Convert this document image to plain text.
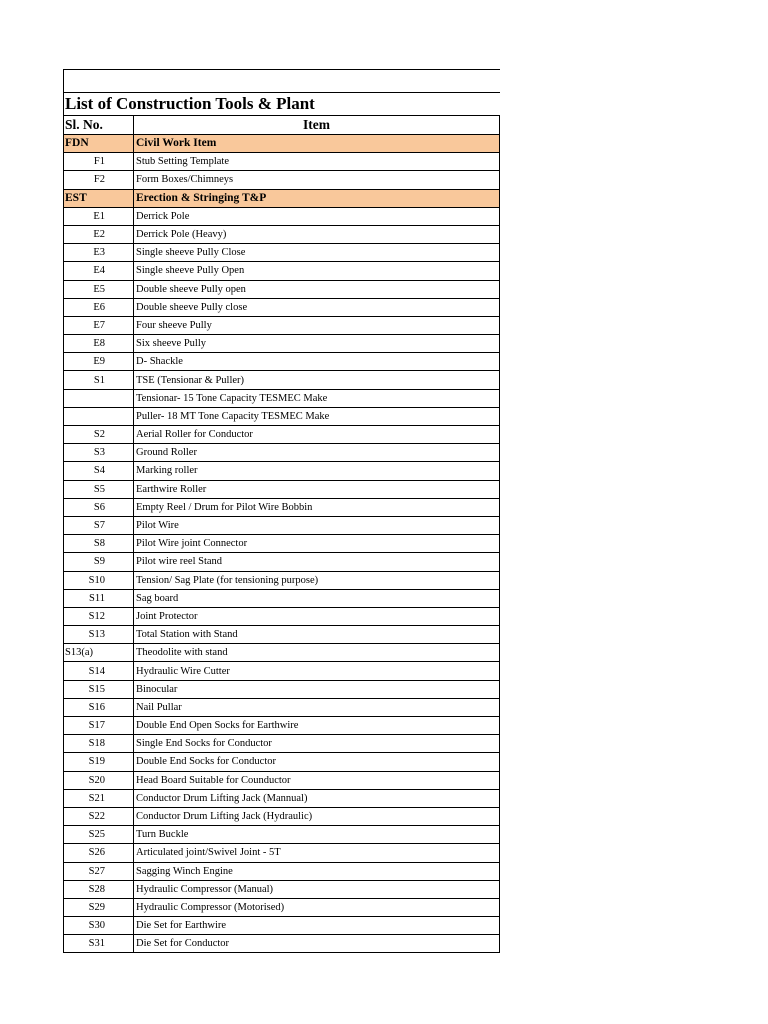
List of Construction Tools & Plant
Sl. No.	Item
FDN	Civil Work Item
F1	Stub Setting Template
F2	Form Boxes/Chimneys
EST	Erection & Stringing T&P
E1	Derrick Pole
E2	Derrick Pole (Heavy)
E3	Single sheeve Pully Close
E4	Single sheeve Pully Open
E5	Double sheeve Pully open
E6	Double sheeve Pully close
E7	Four sheeve Pully
E8	Six sheeve Pully
E9	D- Shackle
S1	TSE (Tensionar & Puller)
	Tensionar- 15 Tone Capacity TESMEC Make
	Puller- 18 MT Tone Capacity TESMEC Make
S2	Aerial Roller for Conductor
S3	Ground Roller
S4	Marking roller
S5	Earthwire Roller
S6	Empty Reel / Drum for Pilot Wire Bobbin
S7	Pilot Wire
S8	Pilot Wire joint Connector
S9	Pilot wire reel Stand
S10	Tension/ Sag Plate (for tensioning purpose)
S11	Sag board
S12	Joint Protector
S13	Total Station with Stand
S13(a)	Theodolite with stand
S14	Hydraulic Wire Cutter
S15	Binocular
S16	Nail Pullar
S17	Double End Open Socks for Earthwire
S18	Single End Socks for Conductor
S19	Double End Socks for Conductor
S20	Head Board Suitable for Counductor
S21	Conductor Drum Lifting Jack (Mannual)
S22	Conductor Drum Lifting Jack (Hydraulic)
S25	Turn Buckle
S26	Articulated joint/Swivel Joint - 5T
S27	Sagging Winch Engine
S28	Hydraulic Compressor (Manual)
S29	Hydraulic Compressor (Motorised)
S30	Die Set for Earthwire
S31	Die Set for Conductor
